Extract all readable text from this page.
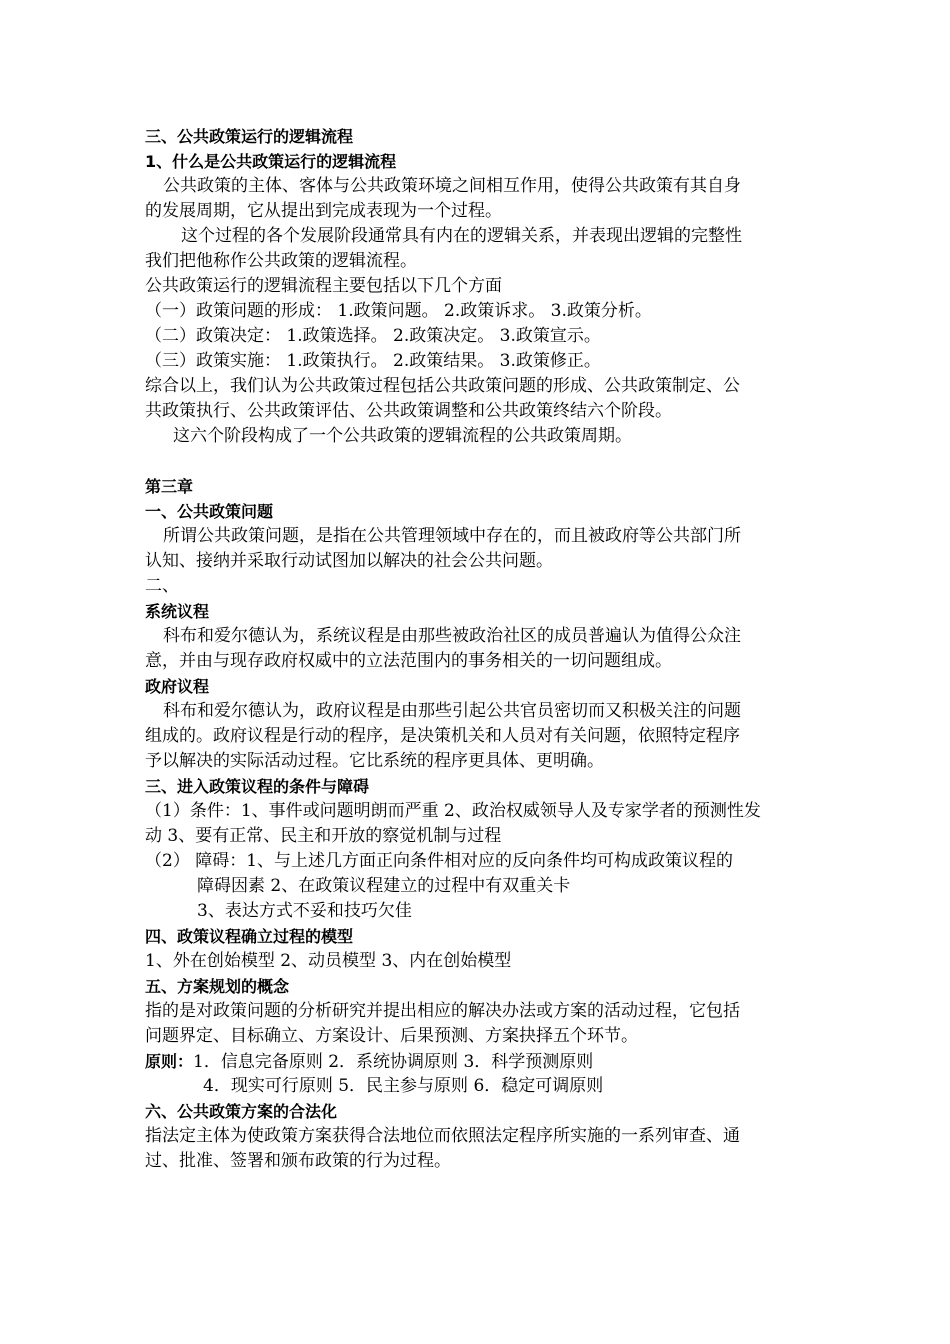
三、公共政策运行的逻辑流程
1、什么是公共政策运行的逻辑流程
公共政策的主体、客体与公共政策环境之间相互作用，使得公共政策有其自身
的发展周期，它从提出到完成表现为一个过程。
这个过程的各个发展阶段通常具有内在的逻辑关系，并表现出逻辑的完整性
我们把他称作公共政策的逻辑流程。
公共政策运行的逻辑流程主要包括以下几个方面
（一）政策问题的形成： 1.政策问题。 2.政策诉求。 3.政策分析。
（二）政策决定： 1.政策选择。 2.政策决定。 3.政策宣示。
（三）政策实施： 1.政策执行。 2.政策结果。 3.政策修正。
综合以上，我们认为公共政策过程包括公共政策问题的形成、公共政策制定、公
共政策执行、公共政策评估、公共政策调整和公共政策终结六个阶段。
这六个阶段构成了一个公共政策的逻辑流程的公共政策周期。
第三章
一、公共政策问题
所谓公共政策问题，是指在公共管理领域中存在的，而且被政府等公共部门所
认知、接纳并采取行动试图加以解决的社会公共问题。
二、
系统议程
科布和爱尔德认为，系统议程是由那些被政治社区的成员普遍认为值得公众注
意，并由与现存政府权威中的立法范围内的事务相关的一切问题组成。
政府议程
科布和爱尔德认为，政府议程是由那些引起公共官员密切而又积极关注的问题
组成的。政府议程是行动的程序，是决策机关和人员对有关问题，依照特定程序
予以解决的实际活动过程。它比系统的程序更具体、更明确。
三、进入政策议程的条件与障碍
（1）条件：1、事件或问题明朗而严重 2、政治权威领导人及专家学者的预测性发
动 3、要有正常、民主和开放的察觉机制与过程
（2） 障碍：1、与上述几方面正向条件相对应的反向条件均可构成政策议程的
障碍因素 2、在政策议程建立的过程中有双重关卡
3、表达方式不妥和技巧欠佳
四、政策议程确立过程的模型
1、外在创始模型 2、动员模型 3、内在创始模型
五、方案规划的概念
指的是对政策问题的分析研究并提出相应的解决办法或方案的活动过程，它包括
问题界定、目标确立、方案设计、后果预测、方案抉择五个环节。
原则：1．信息完备原则 2．系统协调原则 3．科学预测原则
4．现实可行原则 5．民主参与原则 6．稳定可调原则
六、公共政策方案的合法化
指法定主体为使政策方案获得合法地位而依照法定程序所实施的一系列审查、通
过、批准、签署和颁布政策的行为过程。
